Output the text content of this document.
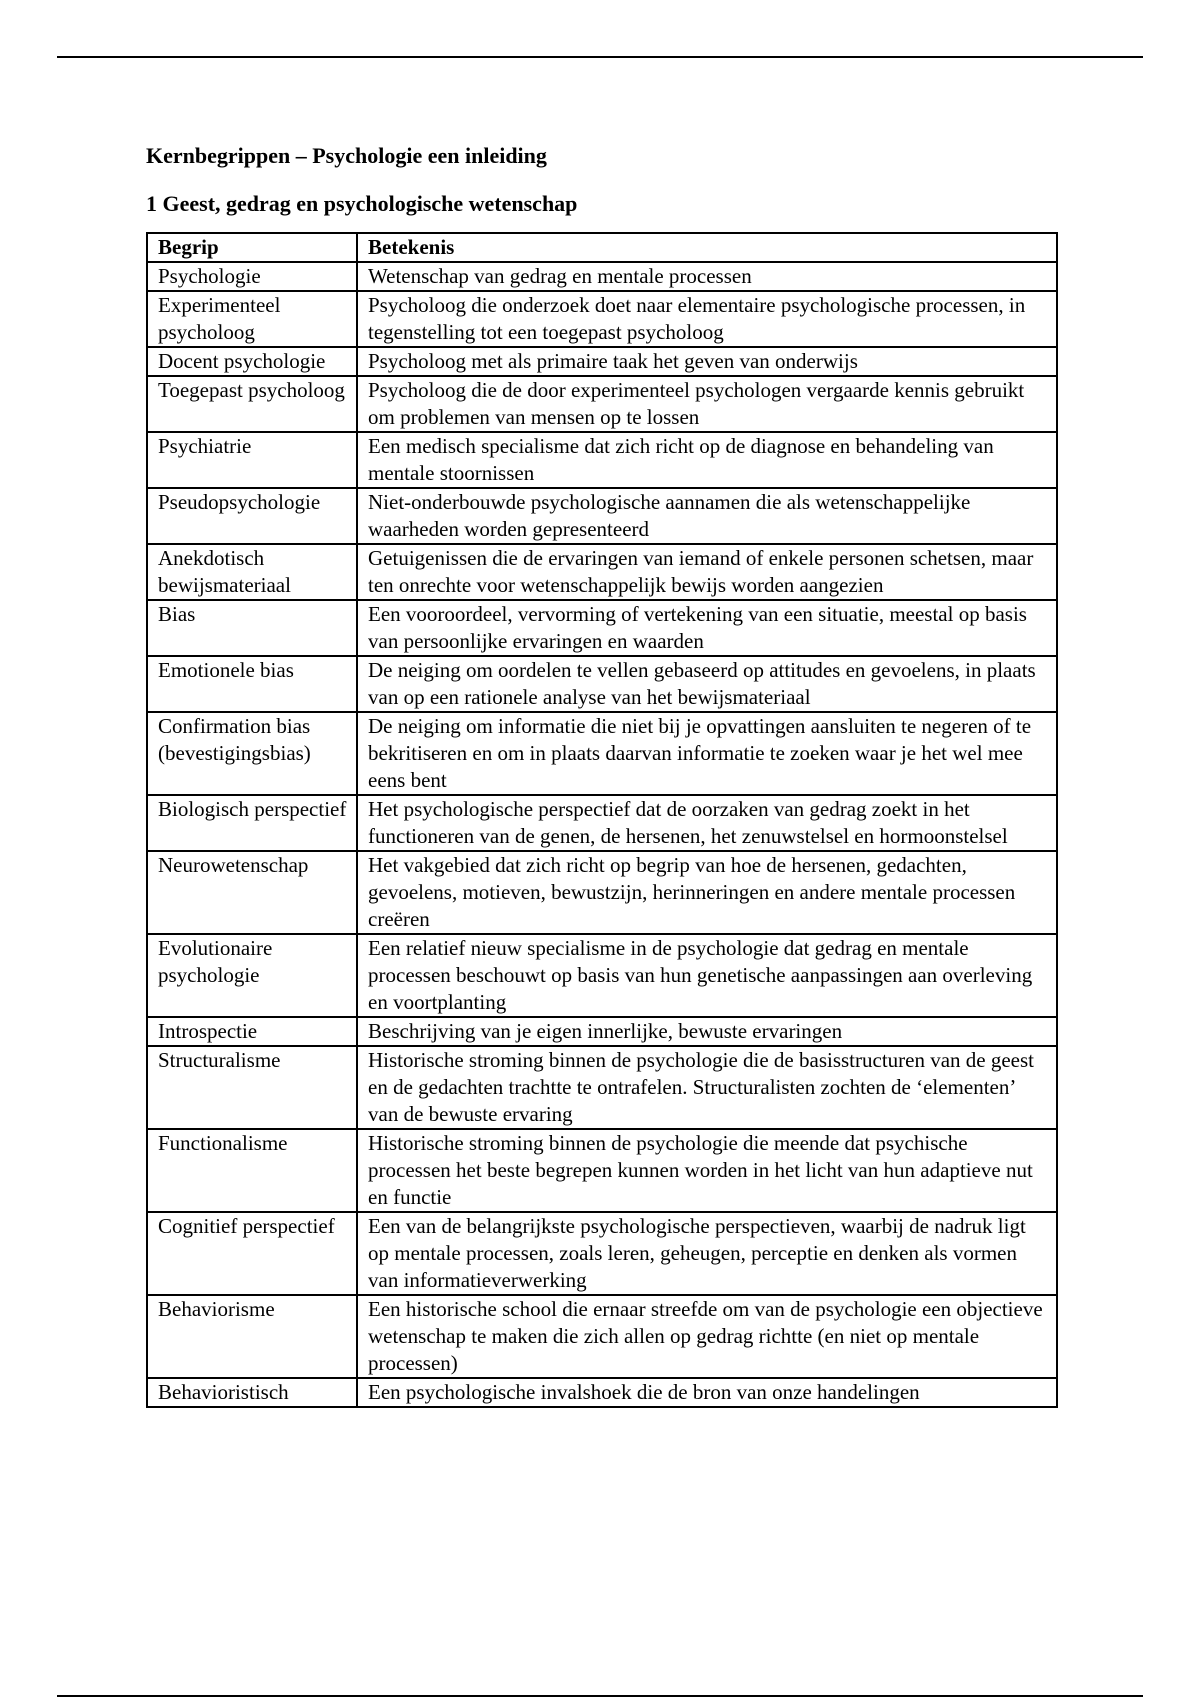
Kernbegrippen – Psychologie een inleiding
1 Geest, gedrag en psychologische wetenschap
Begrip	Betekenis
Psychologie	Wetenschap van gedrag en mentale processen
Experimenteel psycholoog	Psycholoog die onderzoek doet naar elementaire psychologische processen, in tegenstelling tot een toegepast psycholoog
Docent psychologie	Psycholoog met als primaire taak het geven van onderwijs
Toegepast psycholoog	Psycholoog die de door experimenteel psychologen vergaarde kennis gebruikt om problemen van mensen op te lossen
Psychiatrie	Een medisch specialisme dat zich richt op de diagnose en behandeling van mentale stoornissen
Pseudopsychologie	Niet-onderbouwde psychologische aannamen die als wetenschappelijke waarheden worden gepresenteerd
Anekdotisch bewijsmateriaal	Getuigenissen die de ervaringen van iemand of enkele personen schetsen, maar ten onrechte voor wetenschappelijk bewijs worden aangezien
Bias	Een vooroordeel, vervorming of vertekening van een situatie, meestal op basis van persoonlijke ervaringen en waarden
Emotionele bias	De neiging om oordelen te vellen gebaseerd op attitudes en gevoelens, in plaats van op een rationele analyse van het bewijsmateriaal
Confirmation bias (bevestigingsbias)	De neiging om informatie die niet bij je opvattingen aansluiten te negeren of te bekritiseren en om in plaats daarvan informatie te zoeken waar je het wel mee eens bent
Biologisch perspectief	Het psychologische perspectief dat de oorzaken van gedrag zoekt in het functioneren van de genen, de hersenen, het zenuwstelsel en hormoonstelsel
Neurowetenschap	Het vakgebied dat zich richt op begrip van hoe de hersenen, gedachten, gevoelens, motieven, bewustzijn, herinneringen en andere mentale processen creëren
Evolutionaire psychologie	Een relatief nieuw specialisme in de psychologie dat gedrag en mentale processen beschouwt op basis van hun genetische aanpassingen aan overleving en voortplanting
Introspectie	Beschrijving van je eigen innerlijke, bewuste ervaringen
Structuralisme	Historische stroming binnen de psychologie die de basisstructuren van de geest en de gedachten trachtte te ontrafelen. Structuralisten zochten de ‘elementen’ van de bewuste ervaring
Functionalisme	Historische stroming binnen de psychologie die meende dat psychische processen het beste begrepen kunnen worden in het licht van hun adaptieve nut en functie
Cognitief perspectief	Een van de belangrijkste psychologische perspectieven, waarbij de nadruk ligt op mentale processen, zoals leren, geheugen, perceptie en denken als vormen van informatieverwerking
Behaviorisme	Een historische school die ernaar streefde om van de psychologie een objectieve wetenschap te maken die zich allen op gedrag richtte (en niet op mentale processen)
Behavioristisch	Een psychologische invalshoek die de bron van onze handelingen
